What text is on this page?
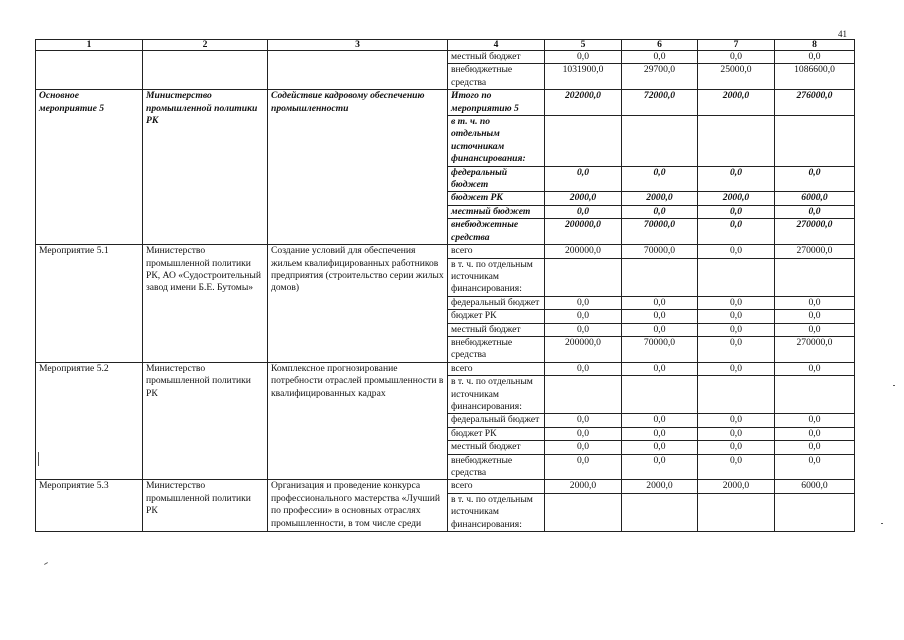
41
1	2	3	4	5	6	7	8
			местный бюджет	0,0	0,0	0,0	0,0
			внебюджетные средства	1031900,0	29700,0	25000,0	1086600,0
Основное мероприятие 5	Министерство промышленной политики РК	Содействие кадровому обеспечению промышленности	Итого по мероприятию 5	202000,0	72000,0	2000,0	276000,0
			в т. ч. по отдельным источникам финансирования:				
			федеральный бюджет	0,0	0,0	0,0	0,0
			бюджет РК	2000,0	2000,0	2000,0	6000,0
			местный бюджет	0,0	0,0	0,0	0,0
			внебюджетные средства	200000,0	70000,0	0,0	270000,0
Мероприятие 5.1	Министерство промышленной политики РК, АО «Судостроительный завод имени Б.Е. Бутомы»	Создание условий для обеспечения жильем квалифицированных работников предприятия (строительство серии жилых домов)	всего	200000,0	70000,0	0,0	270000,0
			в т. ч. по отдельным источникам финансирования:				
			федеральный бюджет	0,0	0,0	0,0	0,0
			бюджет РК	0,0	0,0	0,0	0,0
			местный бюджет	0,0	0,0	0,0	0,0
			внебюджетные средства	200000,0	70000,0	0,0	270000,0
Мероприятие 5.2	Министерство промышленной политики РК	Комплексное прогнозирование потребности отраслей промышленности в квалифицированных кадрах	всего	0,0	0,0	0,0	0,0
			в т. ч. по отдельным источникам финансирования:				
			федеральный бюджет	0,0	0,0	0,0	0,0
			бюджет РК	0,0	0,0	0,0	0,0
			местный бюджет	0,0	0,0	0,0	0,0
			внебюджетные средства	0,0	0,0	0,0	0,0
Мероприятие 5.3	Министерство промышленной политики РК	Организация и проведение конкурса профессионального мастерства «Лучший по профессии» в основных отраслях промышленности, в том числе среди	всего	2000,0	2000,0	2000,0	6000,0
			в т. ч. по отдельным источникам финансирования:				
